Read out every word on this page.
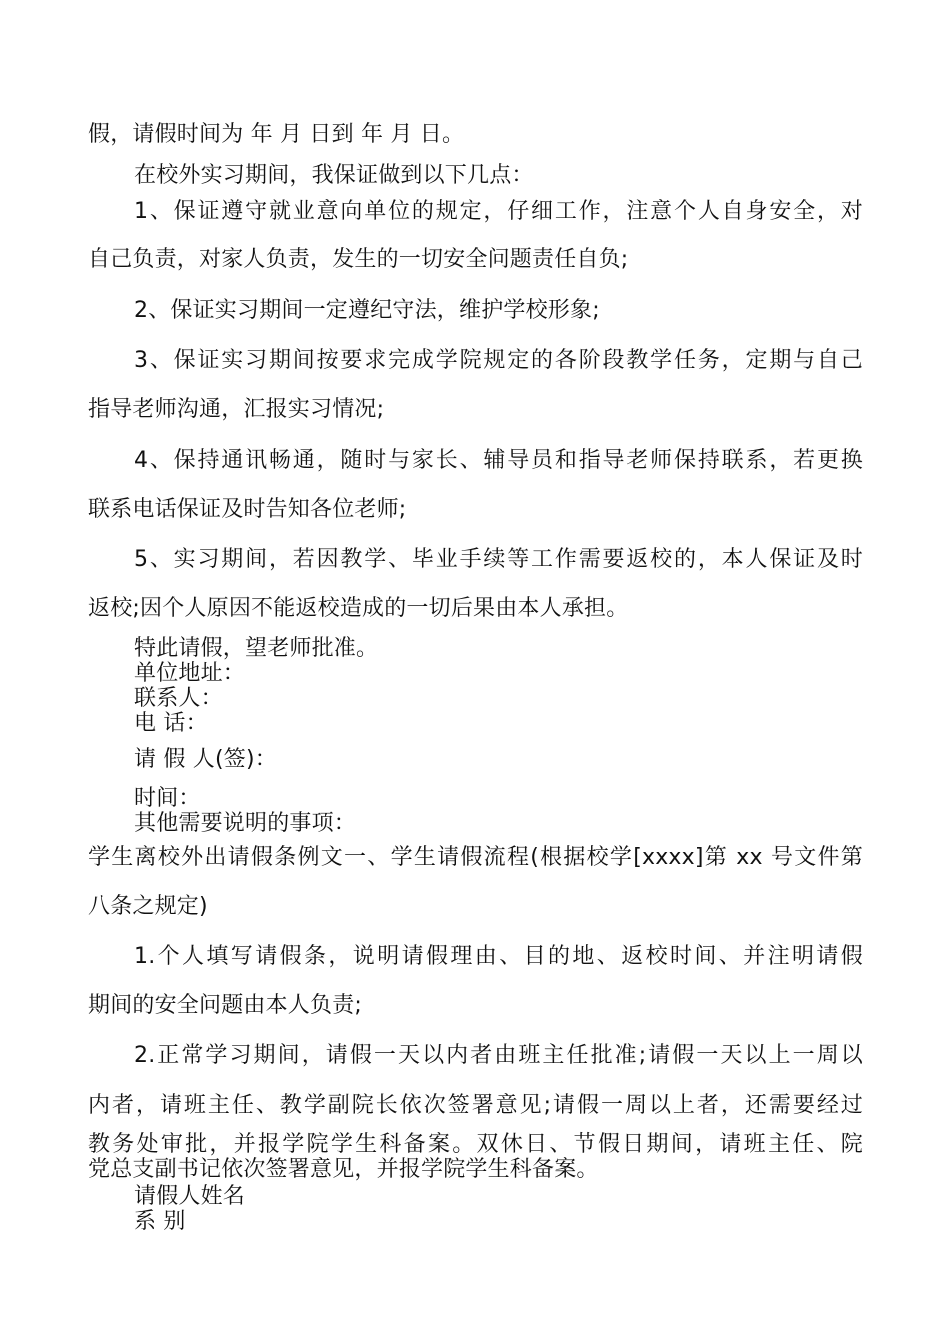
假，请假时间为 年 月 日到 年 月 日。
在校外实习期间，我保证做到以下几点：
1、保证遵守就业意向单位的规定，仔细工作，注意个人自身安全，对
自己负责，对家人负责，发生的一切安全问题责任自负;
2、保证实习期间一定遵纪守法，维护学校形象;
3、保证实习期间按要求完成学院规定的各阶段教学任务，定期与自己
指导老师沟通，汇报实习情况;
4、保持通讯畅通，随时与家长、辅导员和指导老师保持联系，若更换
联系电话保证及时告知各位老师;
5、实习期间，若因教学、毕业手续等工作需要返校的，本人保证及时
返校;因个人原因不能返校造成的一切后果由本人承担。
特此请假，望老师批准。
单位地址：
联系人：
电 话：
请 假 人(签)：
时间：
其他需要说明的事项：
学生离校外出请假条例文一、学生请假流程(根据校学[xxxx]第 xx 号文件第
八条之规定)
1.个人填写请假条，说明请假理由、目的地、返校时间、并注明请假
期间的安全问题由本人负责;
2.正常学习期间，请假一天以内者由班主任批准;请假一天以上一周以
内者，请班主任、教学副院长依次签署意见;请假一周以上者，还需要经过
教务处审批，并报学院学生科备案。双休日、节假日期间，请班主任、院
党总支副书记依次签署意见，并报学院学生科备案。
请假人姓名
系 别
